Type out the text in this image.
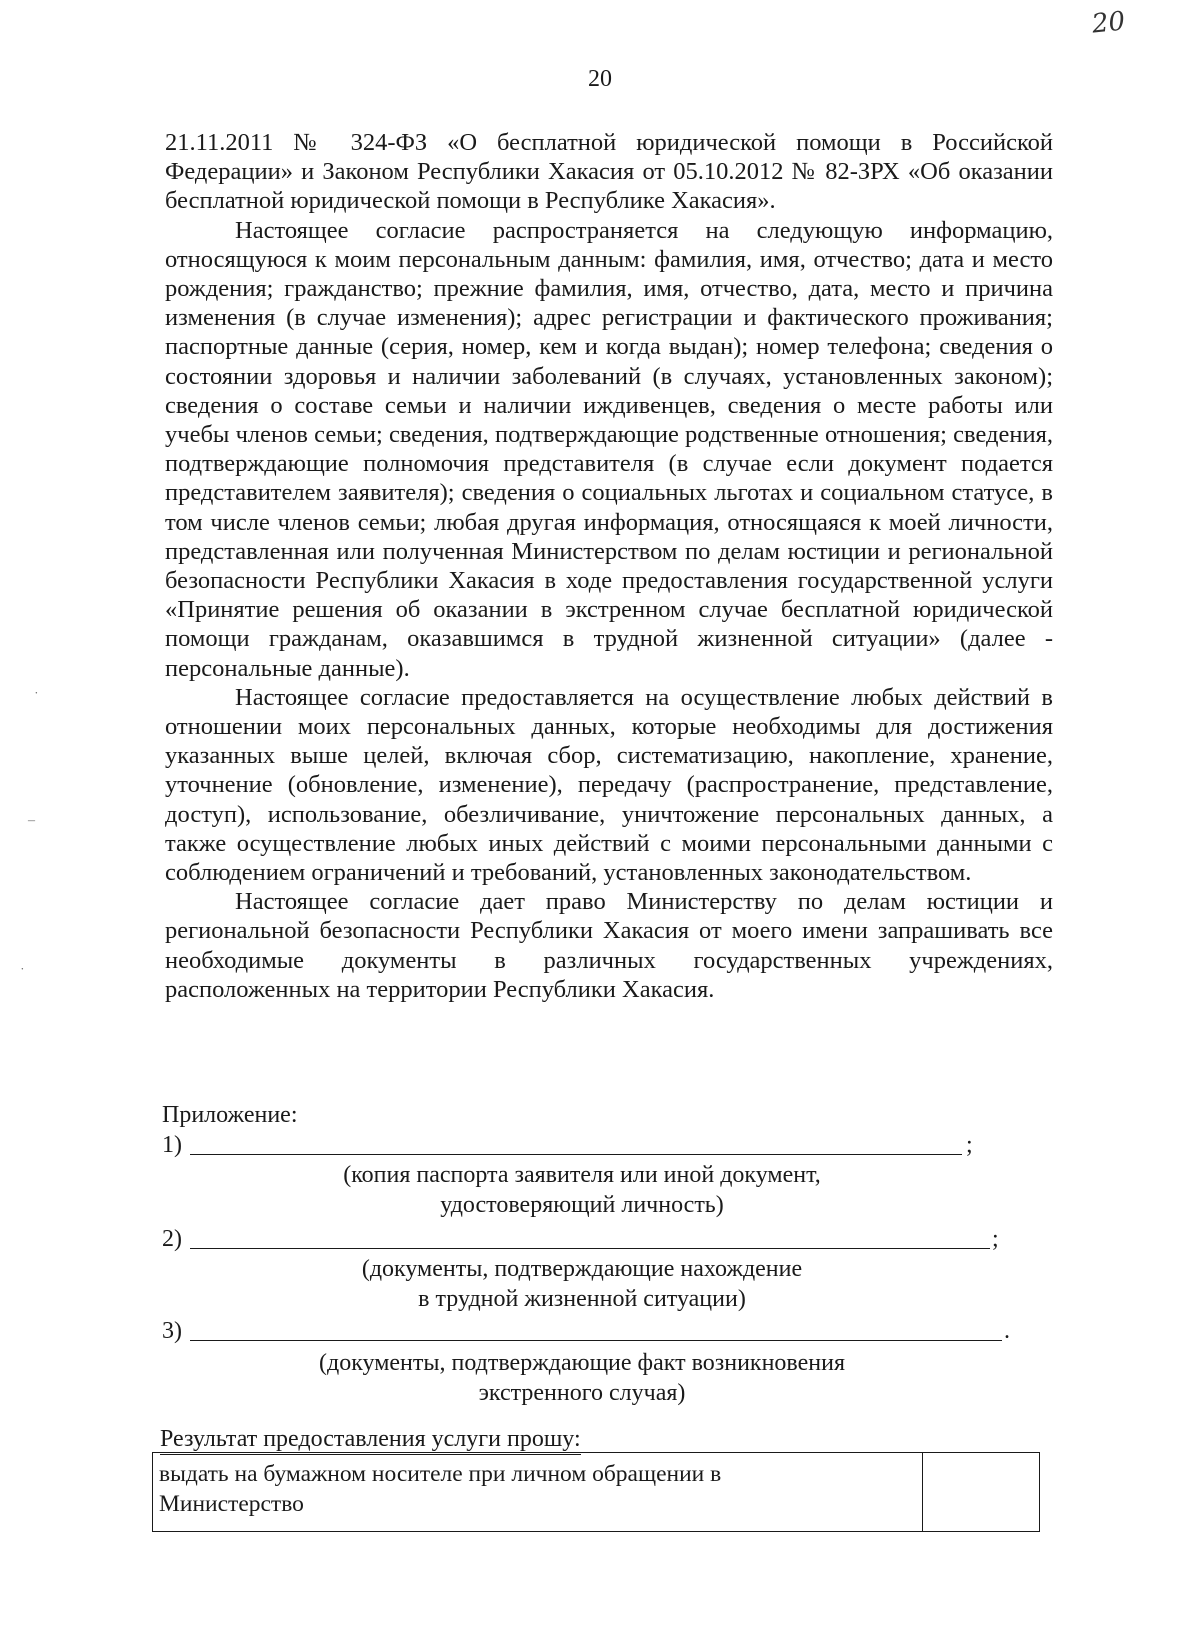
20
20

21.11.2011 № 324-ФЗ «О бесплатной юридической помощи в Российской Федерации» и Законом Республики Хакасия от 05.10.2012 № 82-ЗРХ «Об оказании бесплатной юридической помощи в Республике Хакасия».

Настоящее согласие распространяется на следующую информацию, относящуюся к моим персональным данным: фамилия, имя, отчество; дата и место рождения; гражданство; прежние фамилия, имя, отчество, дата, место и причина изменения (в случае изменения); адрес регистрации и фактического проживания; паспортные данные (серия, номер, кем и когда выдан); номер телефона; сведения о состоянии здоровья и наличии заболеваний (в случаях, установленных законом); сведения о составе семьи и наличии иждивенцев, сведения о месте работы или учебы членов семьи; сведения, подтверждающие родственные отношения; сведения, подтверждающие полномочия представителя (в случае если документ подается представителем заявителя); сведения о социальных льготах и социальном статусе, в том числе членов семьи; любая другая информация, относящаяся к моей личности, представленная или полученная Министерством по делам юстиции и региональной безопасности Республики Хакасия в ходе предоставления государственной услуги «Принятие решения об оказании в экстренном случае бесплатной юридической помощи гражданам, оказавшимся в трудной жизненной ситуации» (далее - персональные данные).

Настоящее согласие предоставляется на осуществление любых действий в отношении моих персональных данных, которые необходимы для достижения указанных выше целей, включая сбор, систематизацию, накопление, хранение, уточнение (обновление, изменение), передачу (распространение, представление, доступ), использование, обезличивание, уничтожение персональных данных, а также осуществление любых иных действий с моими персональными данными с соблюдением ограничений и требований, установленных законодательством.

Настоящее согласие дает право Министерству по делам юстиции и региональной безопасности Республики Хакасия от моего имени запрашивать все необходимые документы в различных государственных учреждениях, расположенных на территории Республики Хакасия.

Приложение:
1)	;
(копия паспорта заявителя или иной документ,
удостоверяющий личность)
2)	;
(документы, подтверждающие нахождение
в трудной жизненной ситуации)
3)	.
(документы, подтверждающие факт возникновения
экстренного случая)
Результат предоставления услуги прошу:
выдать на бумажном носителе при личном обращении в
Министерство
˙
¯
˙
